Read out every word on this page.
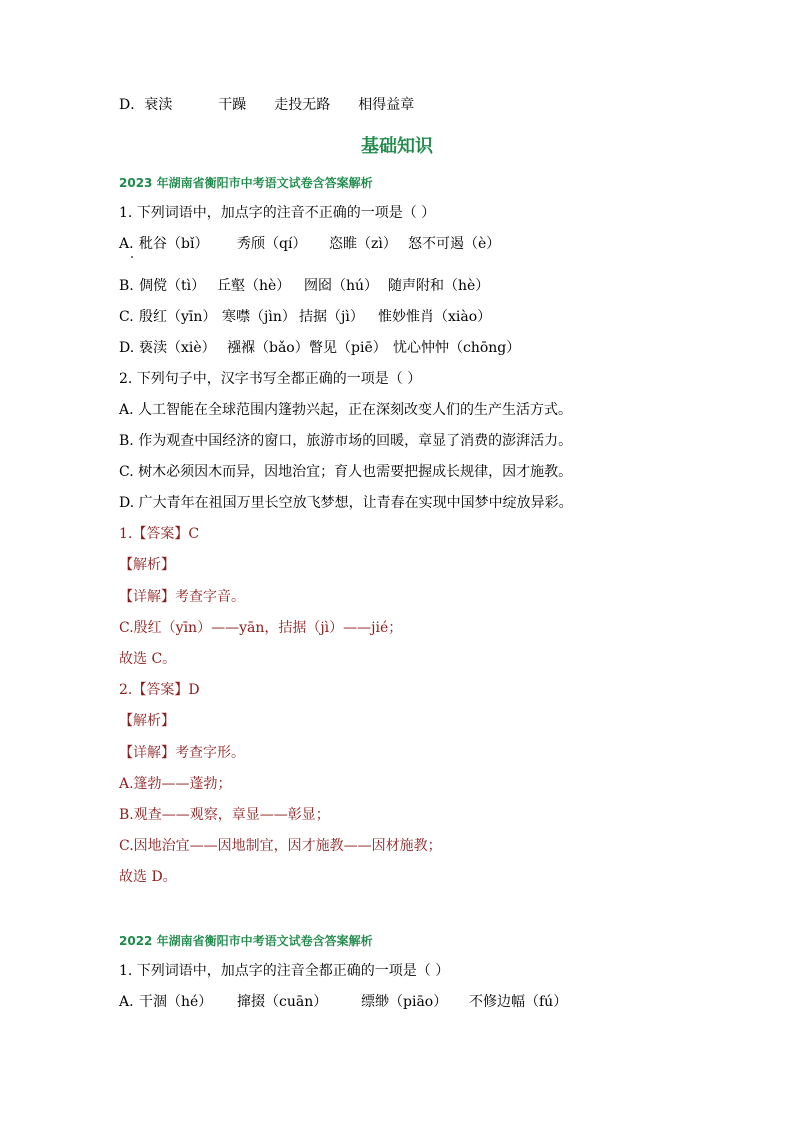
D．衰渎	干躁 走投无路 相得益章
基础知识
2023 年湖南省衡阳市中考语文试卷含答案解析
1. 下列词语中，加点字的注音不正确的一项是（ ）
A. 秕谷（bǐ） 秀颀（qí） 恣睢（zì） 怒不可遏（è）
B. 倜傥（tì） 丘壑（hè） 囫囵（hú） 随声附和（hè）
C. 殷红（yīn） 寒噤（jìn） 拮据（jì） 惟妙惟肖（xiào）
D. 亵渎（xiè） 襁褓（bǎo）瞥见（piē） 忧心忡忡（chōng）
2. 下列句子中，汉字书写全都正确的一项是（ ）
A. 人工智能在全球范围内篷勃兴起，正在深刻改变人们的生产生活方式。
B. 作为观查中国经济的窗口，旅游市场的回暖，章显了消费的澎湃活力。
C. 树木必须因木而异，因地治宜；育人也需要把握成长规律，因才施教。
D. 广大青年在祖国万里长空放飞梦想，让青春在实现中国梦中绽放异彩。
1.【答案】C
【解析】
【详解】考查字音。
C.殷红（yīn）——yān，拮据（jì）——jié；
故选 C。
2.【答案】D
【解析】
【详解】考查字形。
A.篷勃——蓬勃；
B.观查——观察，章显——彰显；
C.因地治宜——因地制宜，因才施教——因材施教；
故选 D。
2022 年湖南省衡阳市中考语文试卷含答案解析
1. 下列词语中，加点字的注音全都正确的一项是（ ）
A. 干涸（hé） 撺掇（cuān） 缥缈（piāo） 不修边幅（fú）
